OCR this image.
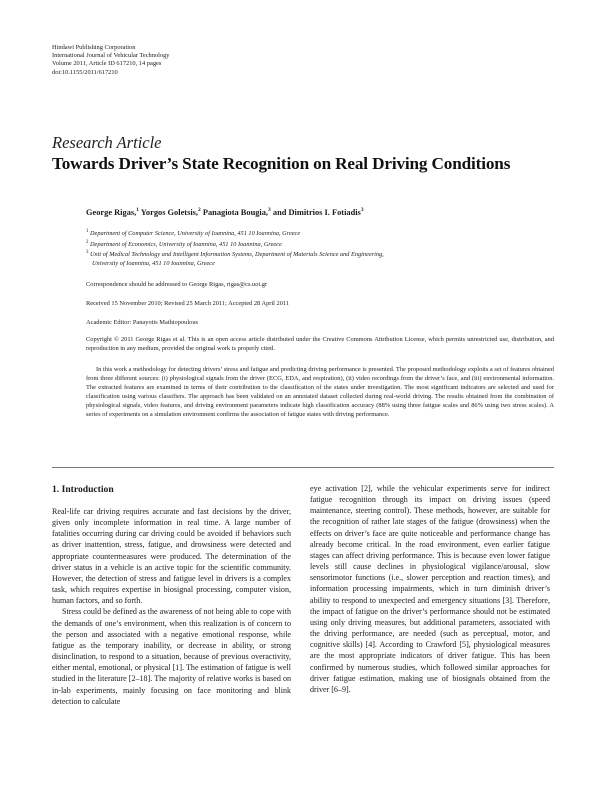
Hindawi Publishing Corporation
International Journal of Vehicular Technology
Volume 2011, Article ID 617210, 14 pages
doi:10.1155/2011/617210
Research Article
Towards Driver’s State Recognition on Real Driving Conditions
George Rigas,$^1$ Yorgos Goletsis,$^2$ Panagiota Bougia,$^3$ and Dimitrios I. Fotiadis$^3$
$^1$ Department of Computer Science, University of Ioannina, 451 10 Ioannina, Greece
$^2$ Department of Economics, University of Ioannina, 451 10 Ioannina, Greece
$^3$ Unit of Medical Technology and Intelligent Information Systems, Department of Materials Science and Engineering,
University of Ioannina, 451 10 Ioannina, Greece
Correspondence should be addressed to George Rigas, rigas@cs.uoi.gr
Received 15 November 2010; Revised 25 March 2011; Accepted 28 April 2011
Academic Editor: Panayotis Mathiopoulous
Copyright © 2011 George Rigas et al. This is an open access article distributed under the Creative Commons Attribution License, which permits unrestricted use, distribution, and reproduction in any medium, provided the original work is properly cited.
In this work a methodology for detecting drivers’ stress and fatigue and predicting driving performance is presented. The proposed methodology exploits a set of features obtained from three different sources: (i) physiological signals from the driver (ECG, EDA, and respiration), (ii) video recordings from the driver’s face, and (iii) environmental information. The extracted features are examined in terms of their contribution to the classification of the states under investigation. The most significant indicators are selected and used for classification using various classifiers. The approach has been validated on an annotated dataset collected during real-world driving. The results obtained from the combination of physiological signals, video features, and driving environment parameters indicate high classification accuracy (88% using three fatigue scales and 86% using two stress scales). A series of experiments on a simulation environment confirms the association of fatigue states with driving performance.
1. Introduction

Real-life car driving requires accurate and fast decisions by the driver, given only incomplete information in real time. A large number of fatalities occurring during car driving could be avoided if behaviors such as driver inattention, stress, fatigue, and drowsiness were detected and appropriate countermeasures were produced. The determination of the driver status in a vehicle is an active topic for the scientific community. However, the detection of stress and fatigue level in drivers is a complex task, which requires expertise in biosignal processing, computer vision, human factors, and so forth.

Stress could be defined as the awareness of not being able to cope with the demands of one’s environment, when this realization is of concern to the person and associated with a negative emotional response, while fatigue as the temporary inability, or decrease in ability, or strong disinclination, to respond to a situation, because of previous overactivity, either mental, emotional, or physical [1]. The estimation of fatigue is well studied in the literature [2–18]. The majority of relative works is based on in-lab experiments, mainly focusing on face monitoring and blink detection to calculate

eye activation [2], while the vehicular experiments serve for indirect fatigue recognition through its impact on driving issues (speed maintenance, steering control). These methods, however, are suitable for the recognition of rather late stages of the fatigue (drowsiness) when the effects on driver’s face are quite noticeable and performance change has already become critical. In the road environment, even earlier fatigue stages can affect driving performance. This is because even lower fatigue levels still cause declines in physiological vigilance/arousal, slow sensorimotor functions (i.e., slower perception and reaction times), and information processing impairments, which in turn diminish driver’s ability to respond to unexpected and emergency situations [3]. Therefore, the impact of fatigue on the driver’s performance should not be estimated using only driving measures, but additional parameters, associated with the driving performance, are needed (such as perceptual, motor, and cognitive skills) [4]. According to Crawford [5], physiological measures are the most appropriate indicators of driver fatigue. This has been confirmed by numerous studies, which followed similar approaches for driver fatigue estimation, making use of biosignals obtained from the driver [6–9].
